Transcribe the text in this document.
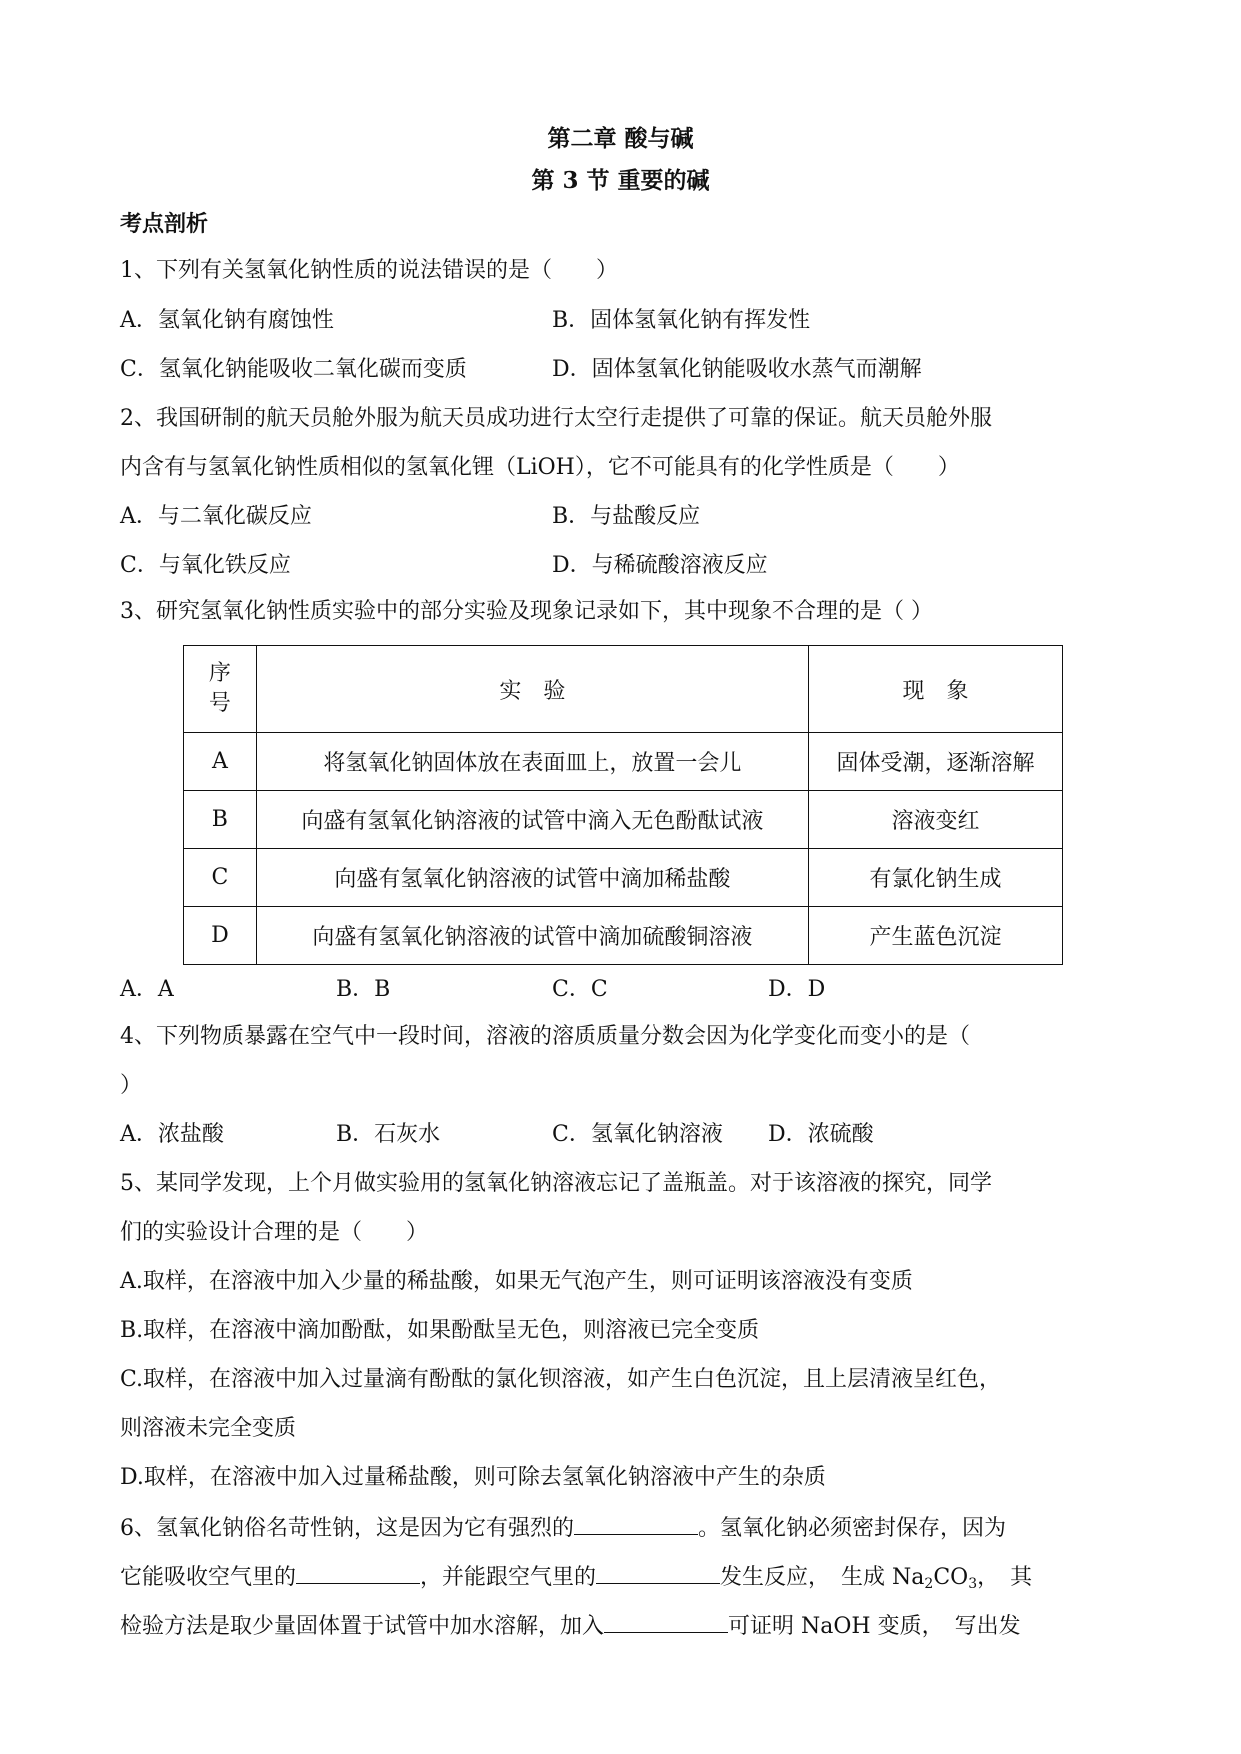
第二章 酸与碱
第 3 节 重要的碱
考点剖析
1、下列有关氢氧化钠性质的说法错误的是（　　）
A．氢氧化钠有腐蚀性	B．固体氢氧化钠有挥发性
C．氢氧化钠能吸收二氧化碳而变质	D．固体氢氧化钠能吸收水蒸气而潮解
2、我国研制的航天员舱外服为航天员成功进行太空行走提供了可靠的保证。航天员舱外服
内含有与氢氧化钠性质相似的氢氧化锂（LiOH），它不可能具有的化学性质是（　　）
A．与二氧化碳反应	B．与盐酸反应
C．与氧化铁反应	D．与稀硫酸溶液反应
3、研究氢氧化钠性质实验中的部分实验及现象记录如下，其中现象不合理的是（ ）
序号	实　验	现　象
A	将氢氧化钠固体放在表面皿上，放置一会儿	固体受潮，逐渐溶解
B	向盛有氢氧化钠溶液的试管中滴入无色酚酞试液	溶液变红
C	向盛有氢氧化钠溶液的试管中滴加稀盐酸	有氯化钠生成
D	向盛有氢氧化钠溶液的试管中滴加硫酸铜溶液	产生蓝色沉淀
A．A	B．B	C．C	D．D
4、下列物质暴露在空气中一段时间，溶液的溶质质量分数会因为化学变化而变小的是（
）
A．浓盐酸	B．石灰水	C．氢氧化钠溶液 D．浓硫酸
5、某同学发现，上个月做实验用的氢氧化钠溶液忘记了盖瓶盖。对于该溶液的探究，同学
们的实验设计合理的是（　　）
A.取样，在溶液中加入少量的稀盐酸，如果无气泡产生，则可证明该溶液没有变质
B.取样，在溶液中滴加酚酞，如果酚酞呈无色，则溶液已完全变质
C.取样，在溶液中加入过量滴有酚酞的氯化钡溶液，如产生白色沉淀，且上层清液呈红色，
则溶液未完全变质
D.取样，在溶液中加入过量稀盐酸，则可除去氢氧化钠溶液中产生的杂质
6、氢氧化钠俗名苛性钠，这是因为它有强烈的	。氢氧化钠必须密封保存，因为
它能吸收空气里的	，并能跟空气里的	发生反应，　生成 $Na_2CO_3$，　其
检验方法是取少量固体置于试管中加水溶解，加入	可证明 NaOH 变质，　写出发
